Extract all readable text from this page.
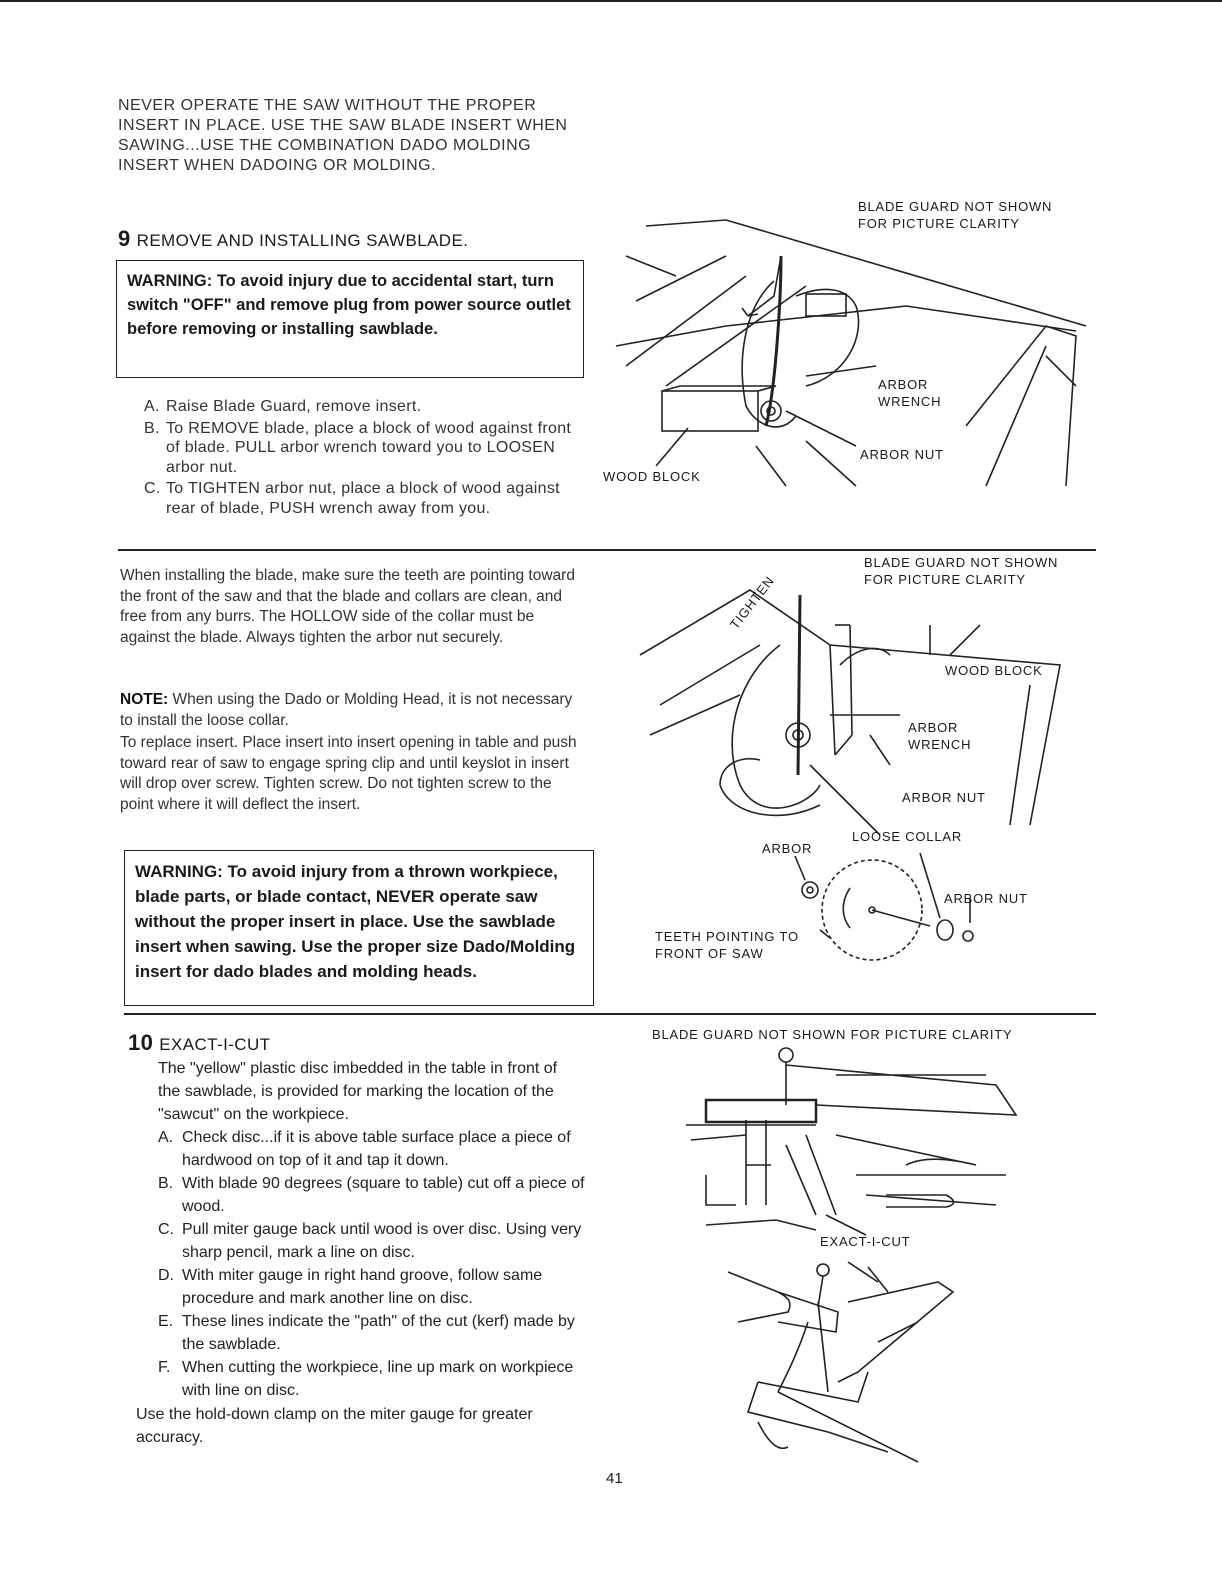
NEVER OPERATE THE SAW WITHOUT THE PROPER INSERT IN PLACE. USE THE SAW BLADE INSERT WHEN SAWING...USE THE COMBINATION DADO MOLDING INSERT WHEN DADOING OR MOLDING.
9 REMOVE AND INSTALLING SAWBLADE.
WARNING: To avoid injury due to accidental start, turn switch "OFF" and remove plug from power source outlet before removing or installing sawblade.
A. Raise Blade Guard, remove insert.
B. To REMOVE blade, place a block of wood against front of blade. PULL arbor wrench toward you to LOOSEN arbor nut.
C. To TIGHTEN arbor nut, place a block of wood against rear of blade, PUSH wrench away from you.
BLADE GUARD NOT SHOWN FOR PICTURE CLARITY
ARBOR WRENCH
ARBOR NUT
WOOD BLOCK
When installing the blade, make sure the teeth are pointing toward the front of the saw and that the blade and collars are clean, and free from any burrs. The HOLLOW side of the collar must be against the blade. Always tighten the arbor nut securely.
NOTE: When using the Dado or Molding Head, it is not necessary to install the loose collar.
To replace insert. Place insert into insert opening in table and push toward rear of saw to engage spring clip and until keyslot in insert will drop over screw. Tighten screw. Do not tighten screw to the point where it will deflect the insert.
WARNING: To avoid injury from a thrown workpiece, blade parts, or blade contact, NEVER operate saw without the proper insert in place. Use the sawblade insert when sawing. Use the proper size Dado/Molding insert for dado blades and molding heads.
BLADE GUARD NOT SHOWN FOR PICTURE CLARITY
TIGHTEN
WOOD BLOCK
ARBOR WRENCH
ARBOR NUT
ARBOR
LOOSE COLLAR
ARBOR NUT
TEETH POINTING TO FRONT OF SAW
10 EXACT-I-CUT
The "yellow" plastic disc imbedded in the table in front of the sawblade, is provided for marking the location of the "sawcut" on the workpiece.
A. Check disc...if it is above table surface place a piece of hardwood on top of it and tap it down.
B. With blade 90 degrees (square to table) cut off a piece of wood.
C. Pull miter gauge back until wood is over disc. Using very sharp pencil, mark a line on disc.
D. With miter gauge in right hand groove, follow same procedure and mark another line on disc.
E. These lines indicate the "path" of the cut (kerf) made by the sawblade.
F. When cutting the workpiece, line up mark on workpiece with line on disc.
Use the hold-down clamp on the miter gauge for greater accuracy.
BLADE GUARD NOT SHOWN FOR PICTURE CLARITY
EXACT-I-CUT
41
